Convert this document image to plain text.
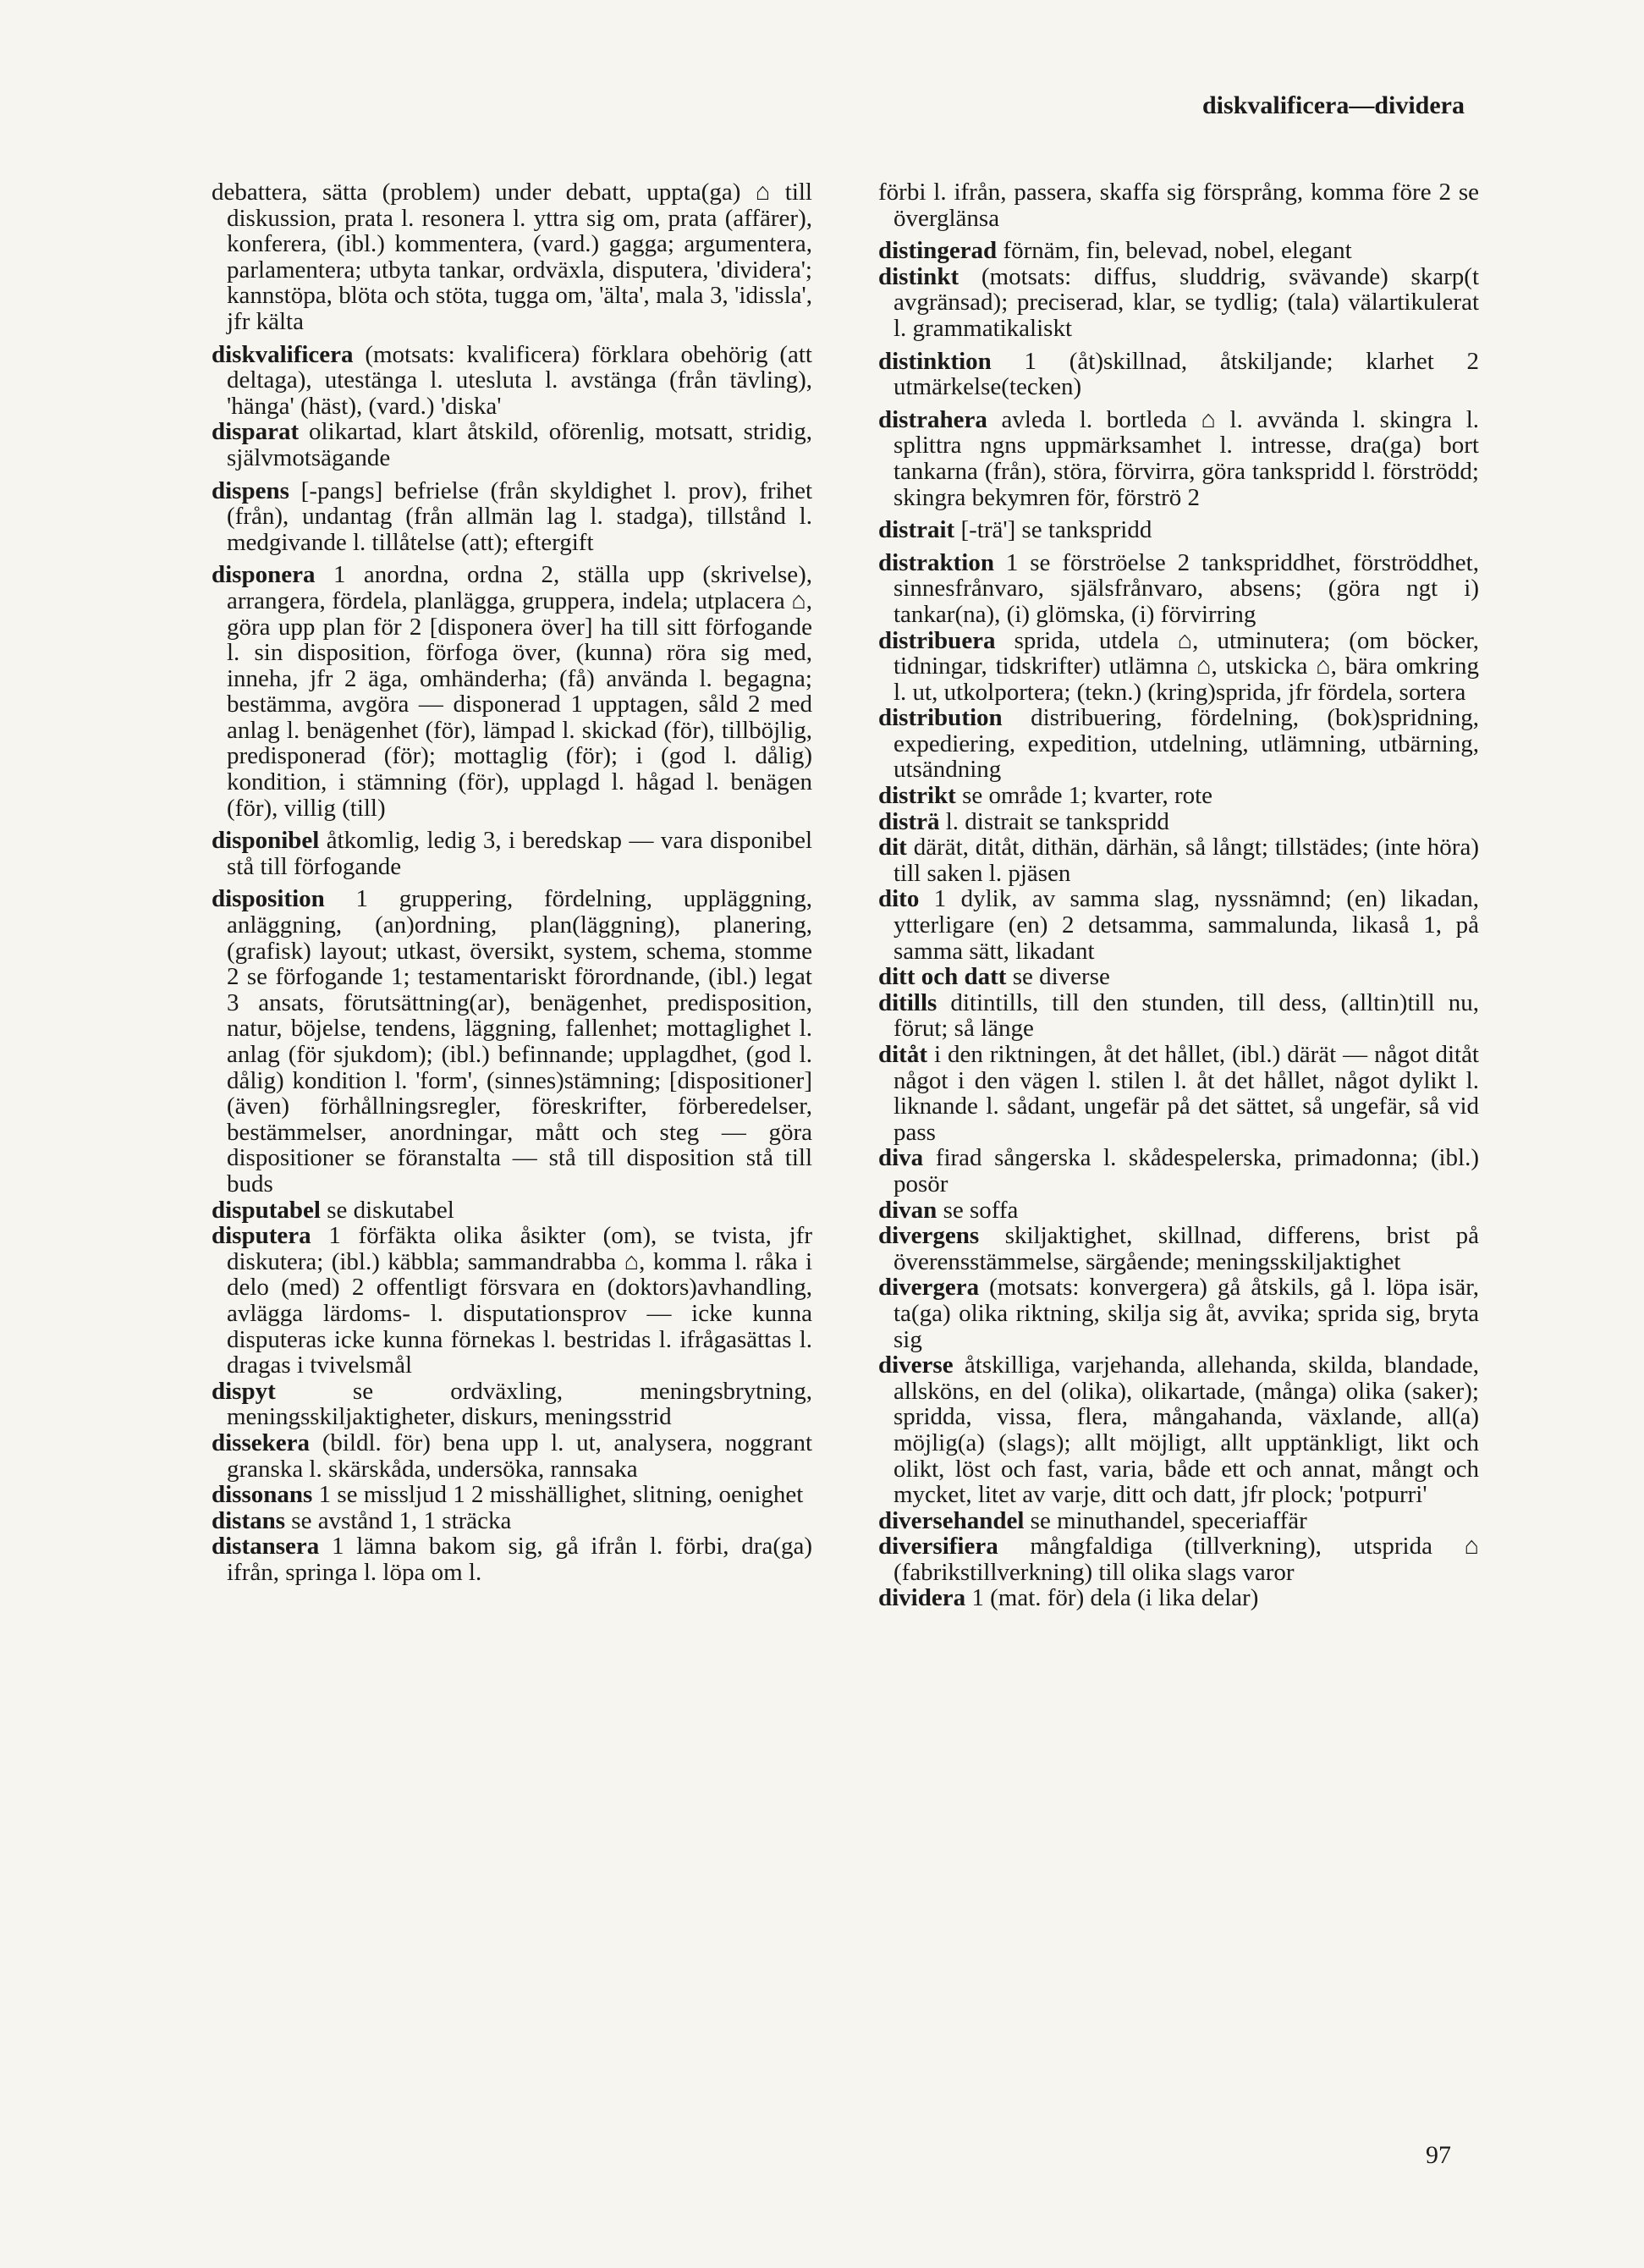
diskvalificera—dividera

debattera, sätta (problem) under debatt, uppta(ga) ⌂ till diskussion, prata l. resonera l. yttra sig om, prata (affärer), konferera, (ibl.) kommentera, (vard.) gagga; argumentera, parlamentera; utbyta tankar, ordväxla, disputera, 'dividera'; kannstöpa, blöta och stöta, tugga om, 'älta', mala 3, 'idissla', jfr kälta

diskvalificera (motsats: kvalificera) förklara obehörig (att deltaga), utestänga l. utesluta l. avstänga (från tävling), 'hänga' (häst), (vard.) 'diska'

disparat olikartad, klart åtskild, oförenlig, motsatt, stridig, självmotsägande

dispens [-pangs] befrielse (från skyldighet l. prov), frihet (från), undantag (från allmän lag l. stadga), tillstånd l. medgivande l. tillåtelse (att); eftergift

disponera 1 anordna, ordna 2, ställa upp (skrivelse), arrangera, fördela, planlägga, gruppera, indela; utplacera ⌂, göra upp plan för 2 [disponera över] ha till sitt förfogande l. sin disposition, förfoga över, (kunna) röra sig med, inneha, jfr 2 äga, omhänderha; (få) använda l. begagna; bestämma, avgöra — disponerad 1 upptagen, såld 2 med anlag l. benägenhet (för), lämpad l. skickad (för), tillböjlig, predisponerad (för); mottaglig (för); i (god l. dålig) kondition, i stämning (för), upplagd l. hågad l. benägen (för), villig (till)

disponibel åtkomlig, ledig 3, i beredskap — vara disponibel stå till förfogande

disposition 1 gruppering, fördelning, uppläggning, anläggning, (an)ordning, plan(läggning), planering, (grafisk) layout; utkast, översikt, system, schema, stomme 2 se förfogande 1; testamentariskt förordnande, (ibl.) legat 3 ansats, förutsättning(ar), benägenhet, predisposition, natur, böjelse, tendens, läggning, fallenhet; mottaglighet l. anlag (för sjukdom); (ibl.) befinnande; upplagdhet, (god l. dålig) kondition l. 'form', (sinnes)stämning; [dispositioner] (även) förhållningsregler, föreskrifter, förberedelser, bestämmelser, anordningar, mått och steg — göra dispositioner se föranstalta — stå till disposition stå till buds

disputabel se diskutabel

disputera 1 förfäkta olika åsikter (om), se tvista, jfr diskutera; (ibl.) käbbla; sammandrabba ⌂, komma l. råka i delo (med) 2 offentligt försvara en (doktors)avhandling, avlägga lärdoms- l. disputationsprov — icke kunna disputeras icke kunna förnekas l. bestridas l. ifrågasättas l. dragas i tvivelsmål

dispyt	se ordväxling, meningsbrytning, meningsskiljaktigheter, diskurs, meningsstrid

dissekera (bildl. för) bena upp l. ut, analysera, noggrant granska l. skärskåda, undersöka, rannsaka

dissonans 1 se missljud 1 2 misshällighet, slitning, oenighet

distans se avstånd 1, 1 sträcka

distansera 1 lämna bakom sig, gå ifrån l. förbi, dra(ga) ifrån, springa l. löpa om l.

förbi l. ifrån, passera, skaffa sig försprång, komma före 2 se överglänsa

distingerad förnäm, fin, belevad, nobel, elegant

distinkt (motsats: diffus, sluddrig, svävande) skarp(t avgränsad); preciserad, klar, se tydlig; (tala) välartikulerat l. grammatikaliskt

distinktion 1 (åt)skillnad, åtskiljande; klarhet 2 utmärkelse(tecken)

distrahera avleda l. bortleda ⌂ l. avvända l. skingra l. splittra ngns uppmärksamhet l. intresse, dra(ga) bort tankarna (från), störa, förvirra, göra tankspridd l. förströdd; skingra bekymren för, förströ 2

distrait [-trä'] se tankspridd

distraktion 1 se förströelse 2 tankspriddhet, förströddhet, sinnesfrånvaro, själsfrånvaro, absens; (göra ngt i) tankar(na), (i) glömska, (i) förvirring

distribuera sprida, utdela ⌂, utminutera; (om böcker, tidningar, tidskrifter) utlämna ⌂, utskicka ⌂, bära omkring l. ut, utkolportera; (tekn.) (kring)sprida, jfr fördela, sortera

distribution distribuering, fördelning, (bok)spridning, expediering, expedition, utdelning, utlämning, utbärning, utsändning

distrikt se område 1; kvarter, rote

disträ l. distrait se tankspridd

dit därät, ditåt, dithän, därhän, så långt; tillstädes; (inte höra) till saken l. pjäsen

dito 1 dylik, av samma slag, nyssnämnd; (en) likadan, ytterligare (en) 2 detsamma, sammalunda, likaså 1, på samma sätt, likadant

ditt och datt se diverse

ditills ditintills, till den stunden, till dess, (alltin)till nu, förut; så länge

ditåt i den riktningen, åt det hållet, (ibl.) därät — något ditåt något i den vägen l. stilen l. åt det hållet, något dylikt l. liknande l. sådant, ungefär på det sättet, så ungefär, så vid pass

diva firad sångerska l. skådespelerska, primadonna; (ibl.) posör

divan se soffa

divergens skiljaktighet, skillnad, differens, brist på överensstämmelse, särgående; meningsskiljaktighet

divergera (motsats: konvergera) gå åtskils, gå l. löpa isär, ta(ga) olika riktning, skilja sig åt, avvika; sprida sig, bryta sig

diverse åtskilliga, varjehanda, allehanda, skilda, blandade, allsköns, en del (olika), olikartade, (många) olika (saker); spridda, vissa, flera, mångahanda, växlande, all(a) möjlig(a) (slags); allt möjligt, allt upptänkligt, likt och olikt, löst och fast, varia, både ett och annat, mångt och mycket, litet av varje, ditt och datt, jfr plock; 'potpurri'

diversehandel se minuthandel, speceriaffär

diversifiera mångfaldiga (tillverkning), utsprida ⌂ (fabrikstillverkning) till olika slags varor

dividera 1 (mat. för) dela (i lika delar)

97
